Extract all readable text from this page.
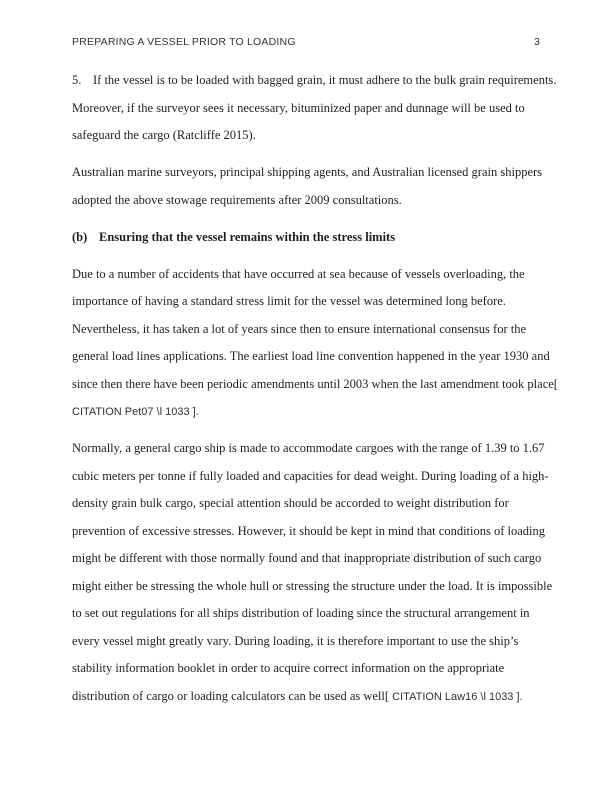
PREPARING A VESSEL PRIOR TO LOADING	3
5. If the vessel is to be loaded with bagged grain, it must adhere to the bulk grain requirements.
Moreover, if the surveyor sees it necessary, bituminized paper and dunnage will be used to
safeguard the cargo (Ratcliffe 2015).
Australian marine surveyors, principal shipping agents, and Australian licensed grain shippers
adopted the above stowage requirements after 2009 consultations.
(b) Ensuring that the vessel remains within the stress limits
Due to a number of accidents that have occurred at sea because of vessels overloading, the
importance of having a standard stress limit for the vessel was determined long before.
Nevertheless, it has taken a lot of years since then to ensure international consensus for the
general load lines applications. The earliest load line convention happened in the year 1930 and
since then there have been periodic amendments until 2003 when the last amendment took place[
CITATION Pet07 \l 1033 ].
Normally, a general cargo ship is made to accommodate cargoes with the range of 1.39 to 1.67
cubic meters per tonne if fully loaded and capacities for dead weight. During loading of a high-
density grain bulk cargo, special attention should be accorded to weight distribution for
prevention of excessive stresses. However, it should be kept in mind that conditions of loading
might be different with those normally found and that inappropriate distribution of such cargo
might either be stressing the whole hull or stressing the structure under the load. It is impossible
to set out regulations for all ships distribution of loading since the structural arrangement in
every vessel might greatly vary. During loading, it is therefore important to use the ship’s
stability information booklet in order to acquire correct information on the appropriate
distribution of cargo or loading calculators can be used as well[ CITATION Law16 \l 1033 ].
